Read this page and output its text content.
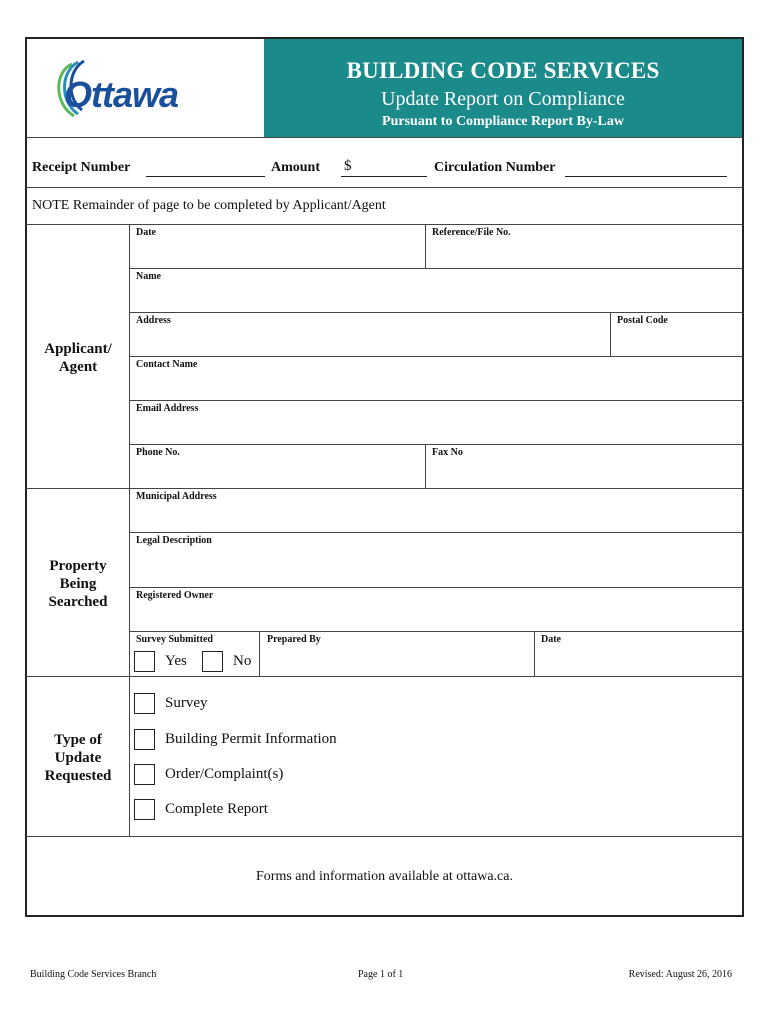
Ottawa
BUILDING CODE SERVICES
Update Report on Compliance
Pursuant to Compliance Report By-Law
Receipt Number	Amount $	Circulation Number
NOTE Remainder of page to be completed by Applicant/Agent
Applicant/
Agent
Date	Reference/File No.
Name
Address	Postal Code
Contact Name
Email Address
Phone No.	Fax No
Property
Being
Searched
Municipal Address
Legal Description
Registered Owner
Survey Submitted	Prepared By	Date
Yes	No
Type of
Update
Requested
Survey
Building Permit Information
Order/Complaint(s)
Complete Report
Forms and information available at ottawa.ca.
Building Code Services Branch	Page 1 of 1	Revised: August 26, 2016
